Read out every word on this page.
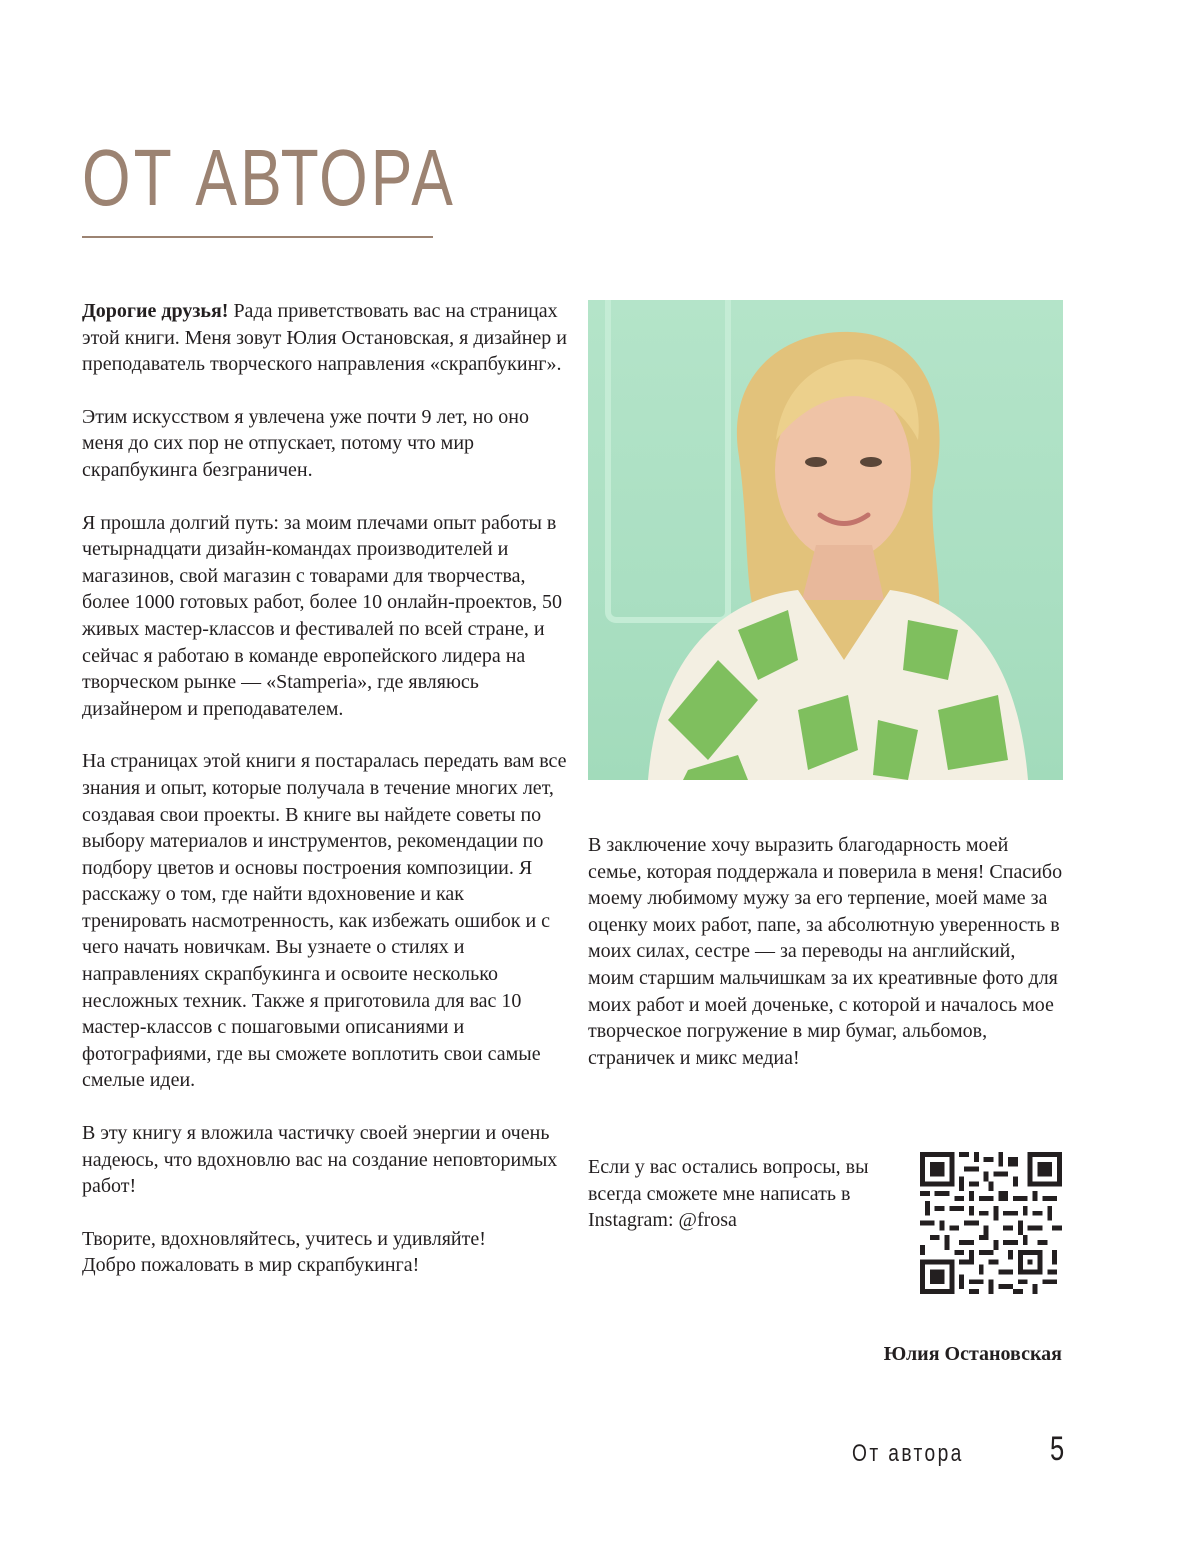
ОТ АВТОРА

Дорогие друзья! Рада приветствовать вас на страницах этой книги. Меня зовут Юлия Остановская, я дизайнер и преподаватель творческого направления «скрапбукинг».

Этим искусством я увлечена уже почти 9 лет, но оно меня до сих пор не отпускает, потому что мир скрапбукинга безграничен.

Я прошла долгий путь: за моим плечами опыт работы в четырнадцати дизайн-командах производителей и магазинов, свой магазин с товарами для творчества, более 1000 готовых работ, более 10 онлайн-проектов, 50 живых мастер-классов и фестивалей по всей стране, и сейчас я работаю в команде европейского лидера на творческом рынке — «Stamperia», где являюсь дизайнером и преподавателем.

На страницах этой книги я постаралась передать вам все знания и опыт, которые получала в течение многих лет, создавая свои проекты. В книге вы найдете советы по выбору материалов и инструментов, рекомендации по подбору цветов и основы построения композиции. Я расскажу о том, где найти вдохновение и как тренировать насмотренность, как избежать ошибок и с чего начать новичкам. Вы узнаете о стилях и направлениях скрапбукинга и освоите несколько несложных техник. Также я приготовила для вас 10 мастер-классов с пошаговыми описаниями и фотографиями, где вы сможете воплотить свои самые смелые идеи.

В эту книгу я вложила частичку своей энергии и очень надеюсь, что вдохновлю вас на создание неповторимых работ!

Творите, вдохновляйтесь, учитесь и удивляйте!
Добро пожаловать в мир скрапбукинга!

В заключение хочу выразить благодарность моей семье, которая поддержала и поверила в меня! Спасибо моему любимому мужу за его терпение, моей маме за оценку моих работ, папе, за абсолютную уверенность в моих силах, сестре — за переводы на английский, моим старшим мальчишкам за их креативные фото для моих работ и моей доченьке, с которой и началось мое творческое погружение в мир бумаг, альбомов, страничек и микс медиа!

Если у вас остались вопросы, вы всегда сможете мне написать в Instagram: @frosa
Юлия Остановская
От автора	5
